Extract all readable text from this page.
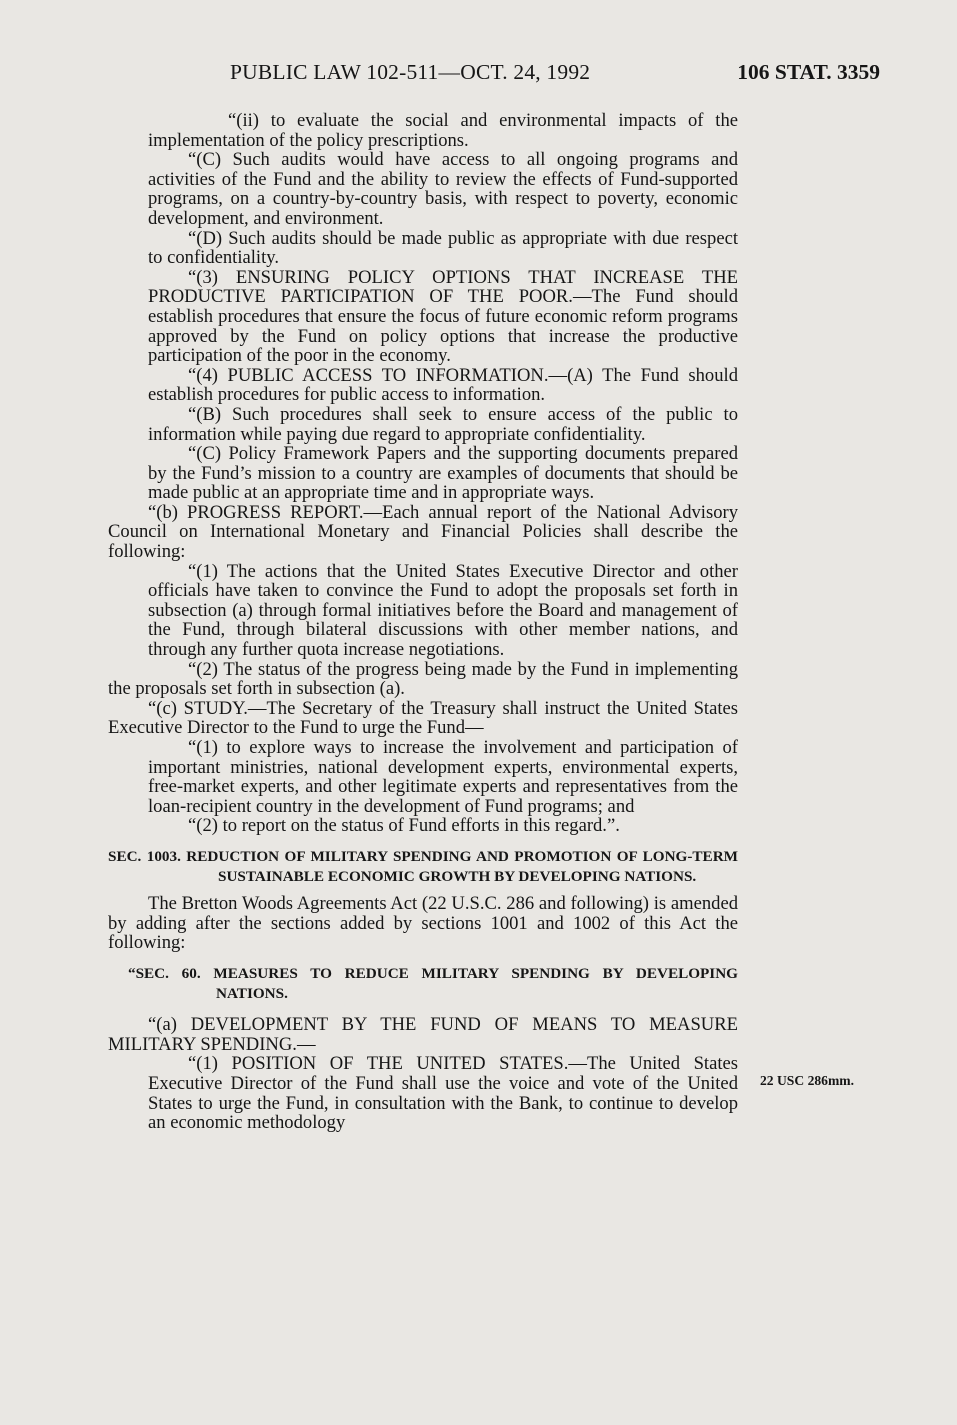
PUBLIC LAW 102-511—OCT. 24, 1992	106 STAT. 3359

“(ii) to evaluate the social and environmental impacts of the implementation of the policy prescriptions.

“(C) Such audits would have access to all ongoing programs and activities of the Fund and the ability to review the effects of Fund-supported programs, on a country-by-country basis, with respect to poverty, economic development, and environment.

“(D) Such audits should be made public as appropriate with due respect to confidentiality.

“(3) ENSURING POLICY OPTIONS THAT INCREASE THE PRODUCTIVE PARTICIPATION OF THE POOR.—The Fund should establish procedures that ensure the focus of future economic reform programs approved by the Fund on policy options that increase the productive participation of the poor in the economy.

“(4) PUBLIC ACCESS TO INFORMATION.—(A) The Fund should establish procedures for public access to information.

“(B) Such procedures shall seek to ensure access of the public to information while paying due regard to appropriate confidentiality.

“(C) Policy Framework Papers and the supporting documents prepared by the Fund’s mission to a country are examples of documents that should be made public at an appropriate time and in appropriate ways.

“(b) PROGRESS REPORT.—Each annual report of the National Advisory Council on International Monetary and Financial Policies shall describe the following:

“(1) The actions that the United States Executive Director and other officials have taken to convince the Fund to adopt the proposals set forth in subsection (a) through formal initiatives before the Board and management of the Fund, through bilateral discussions with other member nations, and through any further quota increase negotiations.

“(2) The status of the progress being made by the Fund in implementing the proposals set forth in subsection (a).

“(c) STUDY.—The Secretary of the Treasury shall instruct the United States Executive Director to the Fund to urge the Fund—

“(1) to explore ways to increase the involvement and participation of important ministries, national development experts, environmental experts, free-market experts, and other legitimate experts and representatives from the loan-recipient country in the development of Fund programs; and

“(2) to report on the status of Fund efforts in this regard.”.

SEC. 1003. REDUCTION OF MILITARY SPENDING AND PROMOTION OF LONG-TERM SUSTAINABLE ECONOMIC GROWTH BY DEVELOPING NATIONS.

The Bretton Woods Agreements Act (22 U.S.C. 286 and following) is amended by adding after the sections added by sections 1001 and 1002 of this Act the following:

“SEC. 60. MEASURES TO REDUCE MILITARY SPENDING BY DEVELOPING NATIONS.

“(a) DEVELOPMENT BY THE FUND OF MEANS TO MEASURE MILITARY SPENDING.—

“(1) POSITION OF THE UNITED STATES.—The United States Executive Director of the Fund shall use the voice and vote of the United States to urge the Fund, in consultation with the Bank, to continue to develop an economic methodology

22 USC 286mm.
